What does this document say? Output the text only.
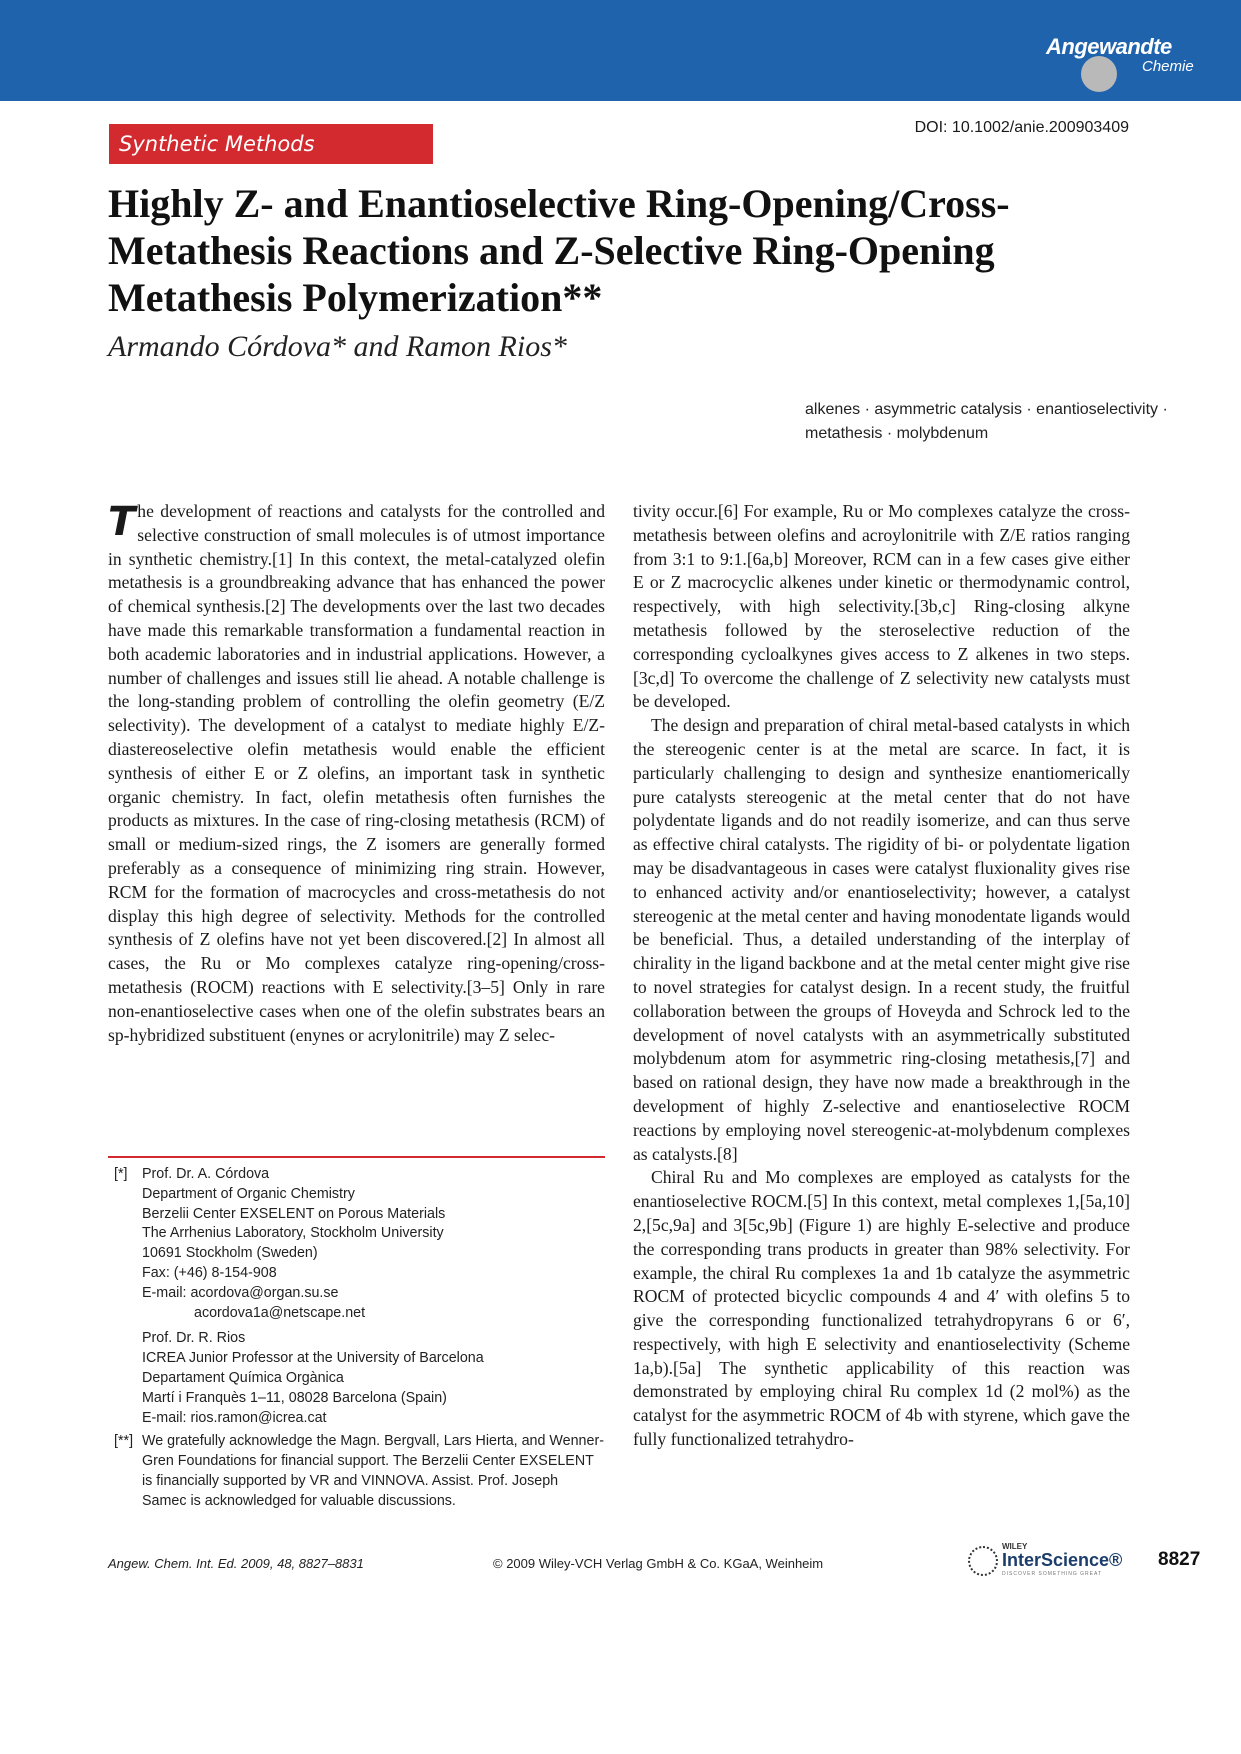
Angewandte
Chemie
Synthetic Methods
DOI: 10.1002/anie.200903409
Highly Z- and Enantioselective Ring-Opening/Cross-Metathesis Reactions and Z-Selective Ring-Opening Metathesis Polymerization**
Armando Córdova* and Ramon Rios*
alkenes · asymmetric catalysis · enantioselectivity · metathesis · molybdenum
T he development of reactions and catalysts for the controlled and selective construction of small molecules is of utmost importance in synthetic chemistry.[1] In this context, the metal-catalyzed olefin metathesis is a groundbreaking advance that has enhanced the power of chemical synthesis.[2] The developments over the last two decades have made this remarkable transformation a fundamental reaction in both academic laboratories and in industrial applications. However, a number of challenges and issues still lie ahead. A notable challenge is the long-standing problem of controlling the olefin geometry (E/Z selectivity). The development of a catalyst to mediate highly E/Z-diastereoselective olefin metathesis would enable the efficient synthesis of either E or Z olefins, an important task in synthetic organic chemistry. In fact, olefin metathesis often furnishes the products as mixtures. In the case of ring-closing metathesis (RCM) of small or medium-sized rings, the Z isomers are generally formed preferably as a consequence of minimizing ring strain. However, RCM for the formation of macrocycles and cross-metathesis do not display this high degree of selectivity. Methods for the controlled synthesis of Z olefins have not yet been discovered.[2] In almost all cases, the Ru or Mo complexes catalyze ring-opening/cross-metathesis (ROCM) reactions with E selectivity.[3–5] Only in rare non-enantioselective cases when one of the olefin substrates bears an sp-hybridized substituent (enynes or acrylonitrile) may Z selec-

tivity occur.[6] For example, Ru or Mo complexes catalyze the cross-metathesis between olefins and acroylonitrile with Z/E ratios ranging from 3:1 to 9:1.[6a,b] Moreover, RCM can in a few cases give either E or Z macrocyclic alkenes under kinetic or thermodynamic control, respectively, with high selectivity.[3b,c] Ring-closing alkyne metathesis followed by the steroselective reduction of the corresponding cycloalkynes gives access to Z alkenes in two steps.[3c,d] To overcome the challenge of Z selectivity new catalysts must be developed.

The design and preparation of chiral metal-based catalysts in which the stereogenic center is at the metal are scarce. In fact, it is particularly challenging to design and synthesize enantiomerically pure catalysts stereogenic at the metal center that do not have polydentate ligands and do not readily isomerize, and can thus serve as effective chiral catalysts. The rigidity of bi- or polydentate ligation may be disadvantageous in cases were catalyst fluxionality gives rise to enhanced activity and/or enantioselectivity; however, a catalyst stereogenic at the metal center and having monodentate ligands would be beneficial. Thus, a detailed understanding of the interplay of chirality in the ligand backbone and at the metal center might give rise to novel strategies for catalyst design. In a recent study, the fruitful collaboration between the groups of Hoveyda and Schrock led to the development of novel catalysts with an asymmetrically substituted molybdenum atom for asymmetric ring-closing metathesis,[7] and based on rational design, they have now made a breakthrough in the development of highly Z-selective and enantioselective ROCM reactions by employing novel stereogenic-at-molybdenum complexes as catalysts.[8]

Chiral Ru and Mo complexes are employed as catalysts for the enantioselective ROCM.[5] In this context, metal complexes 1,[5a,10] 2,[5c,9a] and 3[5c,9b] (Figure 1) are highly E-selective and produce the corresponding trans products in greater than 98% selectivity. For example, the chiral Ru complexes 1a and 1b catalyze the asymmetric ROCM of protected bicyclic compounds 4 and 4′ with olefins 5 to give the corresponding functionalized tetrahydropyrans 6 or 6′, respectively, with high E selectivity and enantioselectivity (Scheme 1a,b).[5a] The synthetic applicability of this reaction was demonstrated by employing chiral Ru complex 1d (2 mol%) as the catalyst for the asymmetric ROCM of 4b with styrene, which gave the fully functionalized tetrahydro-

[*] Prof. Dr. A. Córdova
Department of Organic Chemistry
Berzelii Center EXSELENT on Porous Materials
The Arrhenius Laboratory, Stockholm University
10691 Stockholm (Sweden)
Fax: (+46) 8-154-908
E-mail: acordova@organ.su.se
acordova1a@netscape.net
Prof. Dr. R. Rios
ICREA Junior Professor at the University of Barcelona
Departament Química Orgànica
Martí i Franquès 1–11, 08028 Barcelona (Spain)
E-mail: rios.ramon@icrea.cat
[**] We gratefully acknowledge the Magn. Bergvall, Lars Hierta, and Wenner-Gren Foundations for financial support. The Berzelii Center EXSELENT is financially supported by VR and VINNOVA. Assist. Prof. Joseph Samec is acknowledged for valuable discussions.
Angew. Chem. Int. Ed. 2009, 48, 8827–8831	© 2009 Wiley-VCH Verlag GmbH & Co. KGaA, Weinheim
WILEY
InterScience®
DISCOVER SOMETHING GREAT
8827
